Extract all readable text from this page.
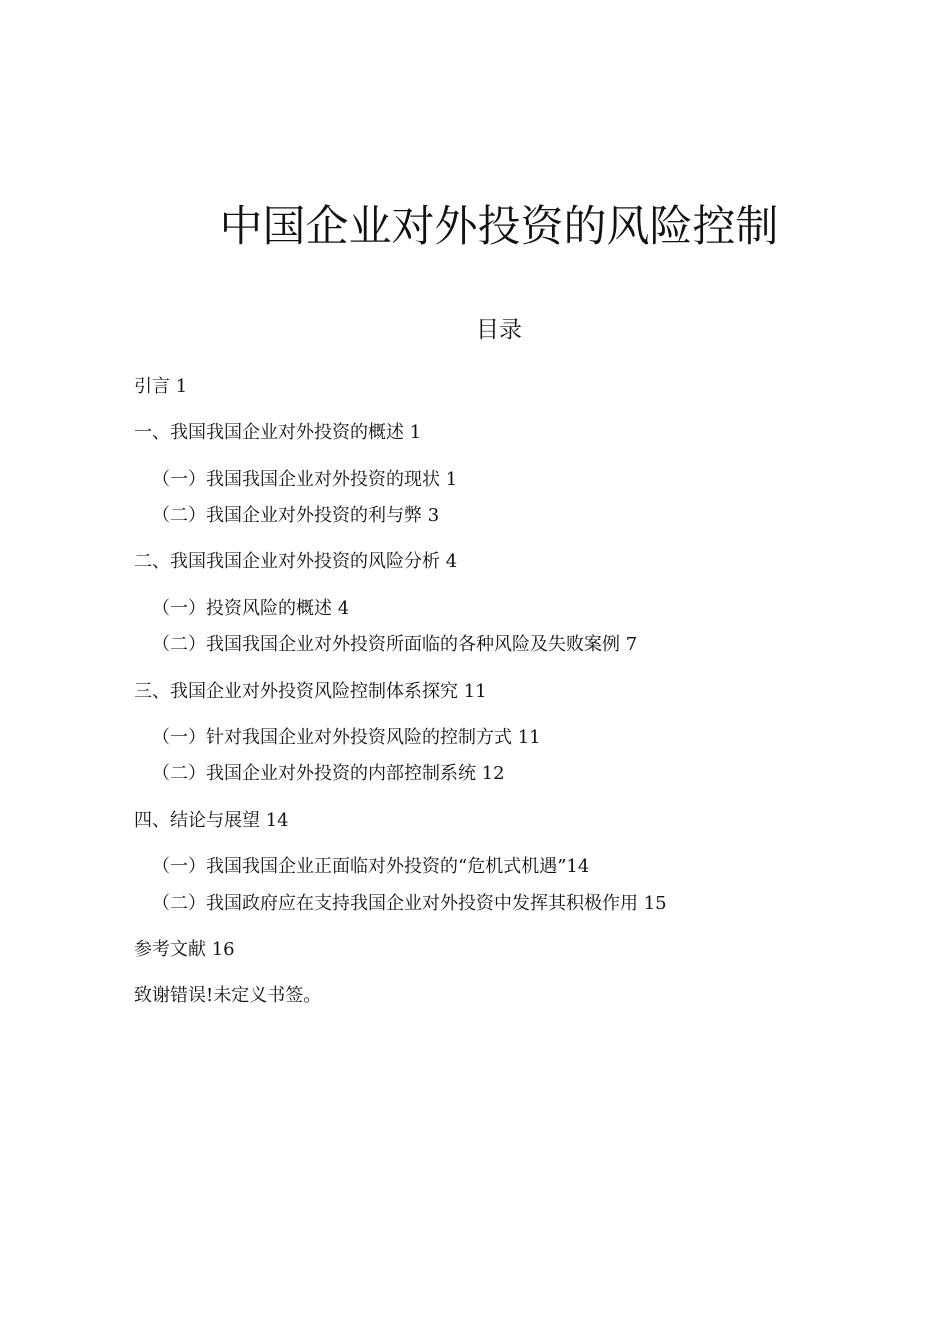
中国企业对外投资的风险控制
目录
引言 1
一、我国我国企业对外投资的概述 1
（一）我国我国企业对外投资的现状 1
（二）我国企业对外投资的利与弊 3
二、我国我国企业对外投资的风险分析 4
（一）投资风险的概述 4
（二）我国我国企业对外投资所面临的各种风险及失败案例 7
三、我国企业对外投资风险控制体系探究 11
（一）针对我国企业对外投资风险的控制方式 11
（二）我国企业对外投资的内部控制系统 12
四、结论与展望 14
（一）我国我国企业正面临对外投资的“危机式机遇”14
（二）我国政府应在支持我国企业对外投资中发挥其积极作用 15
参考文献 16
致谢错误!未定义书签。
